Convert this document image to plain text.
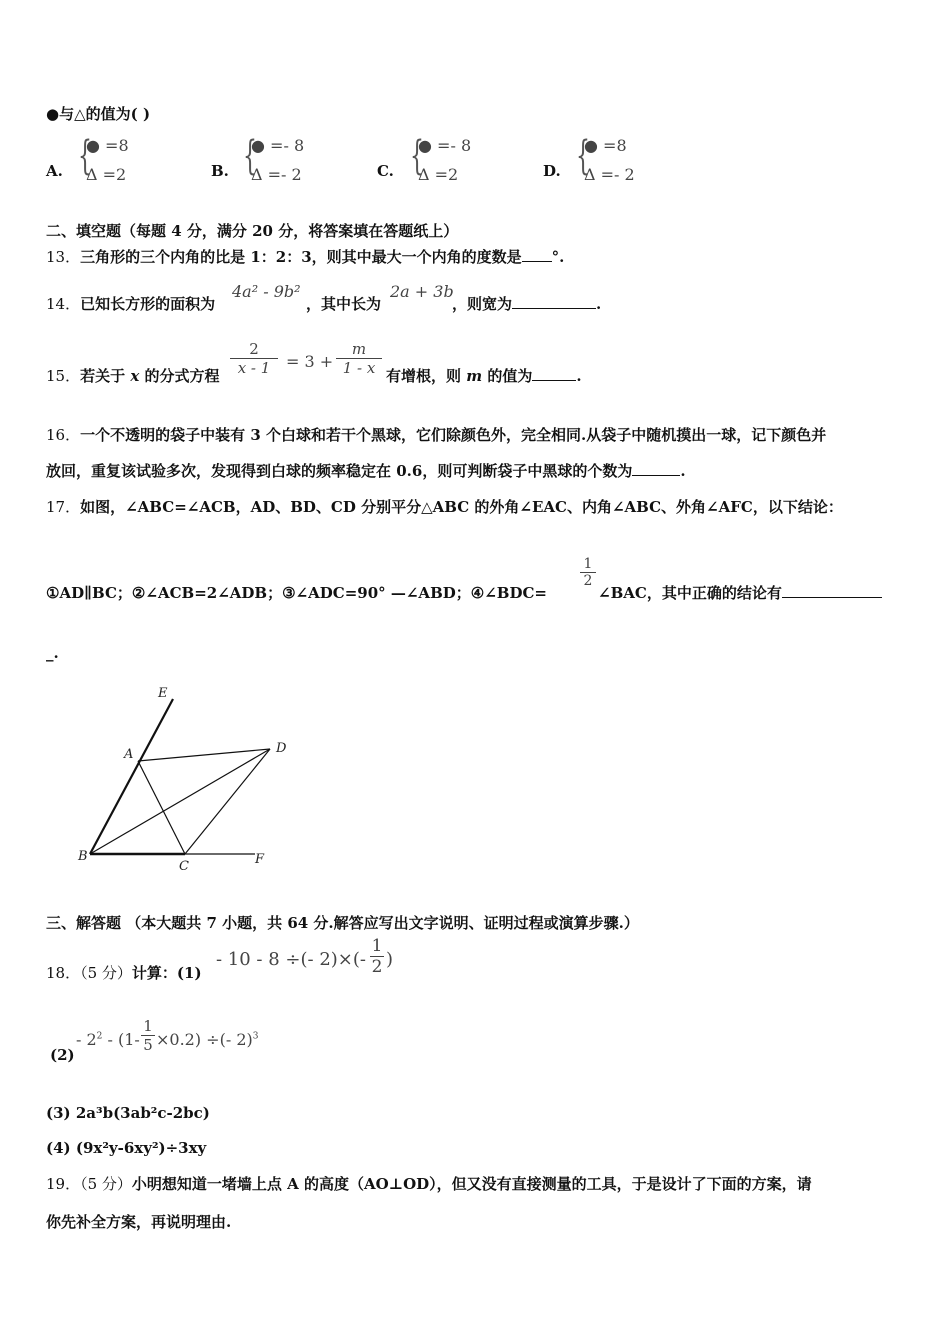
●与△的值为( )
A. {
● =8
Δ =2	B. {
● =- 8
Δ =- 2	C. {
● =- 8
Δ =2	D. {
● =8
Δ =- 2
二、填空题（每题 4 分，满分 20 分，将答案填在答题纸上）
13．三角形的三个内角的比是 1：2：3，则其中最大一个内角的度数是 °.
14．已知长方形的面积为
4a² - 9b²
，其中长为
2a + 3b
，则宽为	.
15．若关于 x 的分式方程
2
x - 1 = 3 +
m
1 - x 有增根，则 m 的值为	.
16．一个不透明的袋子中装有 3 个白球和若干个黑球，它们除颜色外，完全相同.从袋子中随机摸出一球，记下颜色并
放回，重复该试验多次，发现得到白球的频率稳定在 0.6，则可判断袋子中黑球的个数为	.
17．如图，∠ABC=∠ACB，AD、BD、CD 分别平分△ABC 的外角∠EAC、内角∠ABC、外角∠AFC，以下结论：
①AD∥BC；②∠ACB=2∠ADB；③∠ADC=90° —∠ABD；④∠BDC=
1
2
∠BAC，其中正确的结论有
_.
E
A	D
B
C	F
三、解答题 （本大题共 7 小题，共 64 分.解答应写出文字说明、证明过程或演算步骤.）
18．（5 分）计算：(1)
- 10 - 8 ÷(- 2)×(-
1
2 )
(2)
- $2^2 - (1-$
1
5 ×0.2) ÷(- 2)$^3$
(3) 2a³b(3ab²c-2bc)
(4) (9x²y-6xy²)÷3xy
19．（5 分）小明想知道一堵墙上点 A 的高度（AO⊥OD），但又没有直接测量的工具，于是设计了下面的方案，请
你先补全方案，再说明理由.
